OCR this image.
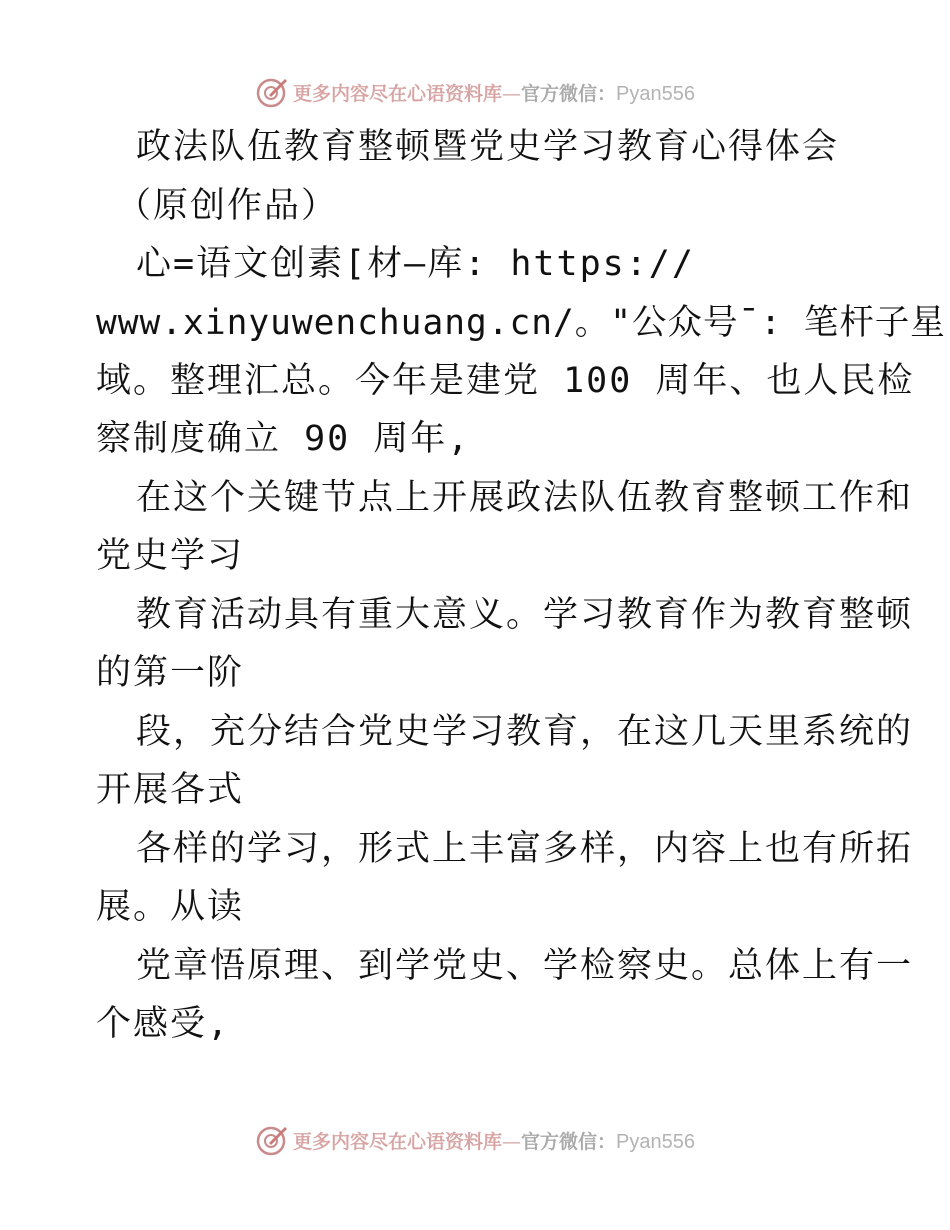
更多内容尽在心语资料库—官方微信：Pyan556
政法队伍教育整顿暨党史学习教育心得体会
（原创作品）
心=语文创素[材—库: https://
www.xinyuwenchuang.cn/。"公众号¯: 笔杆子星
域。整理汇总。今年是建党 100 周年、也人民检
察制度确立 90 周年,
在这个关键节点上开展政法队伍教育整顿工作和
党史学习
教育活动具有重大意义。学习教育作为教育整顿
的第一阶
段，充分结合党史学习教育，在这几天里系统的
开展各式
各样的学习，形式上丰富多样，内容上也有所拓
展。从读
党章悟原理、到学党史、学检察史。总体上有一
个感受,
更多内容尽在心语资料库—官方微信：Pyan556
